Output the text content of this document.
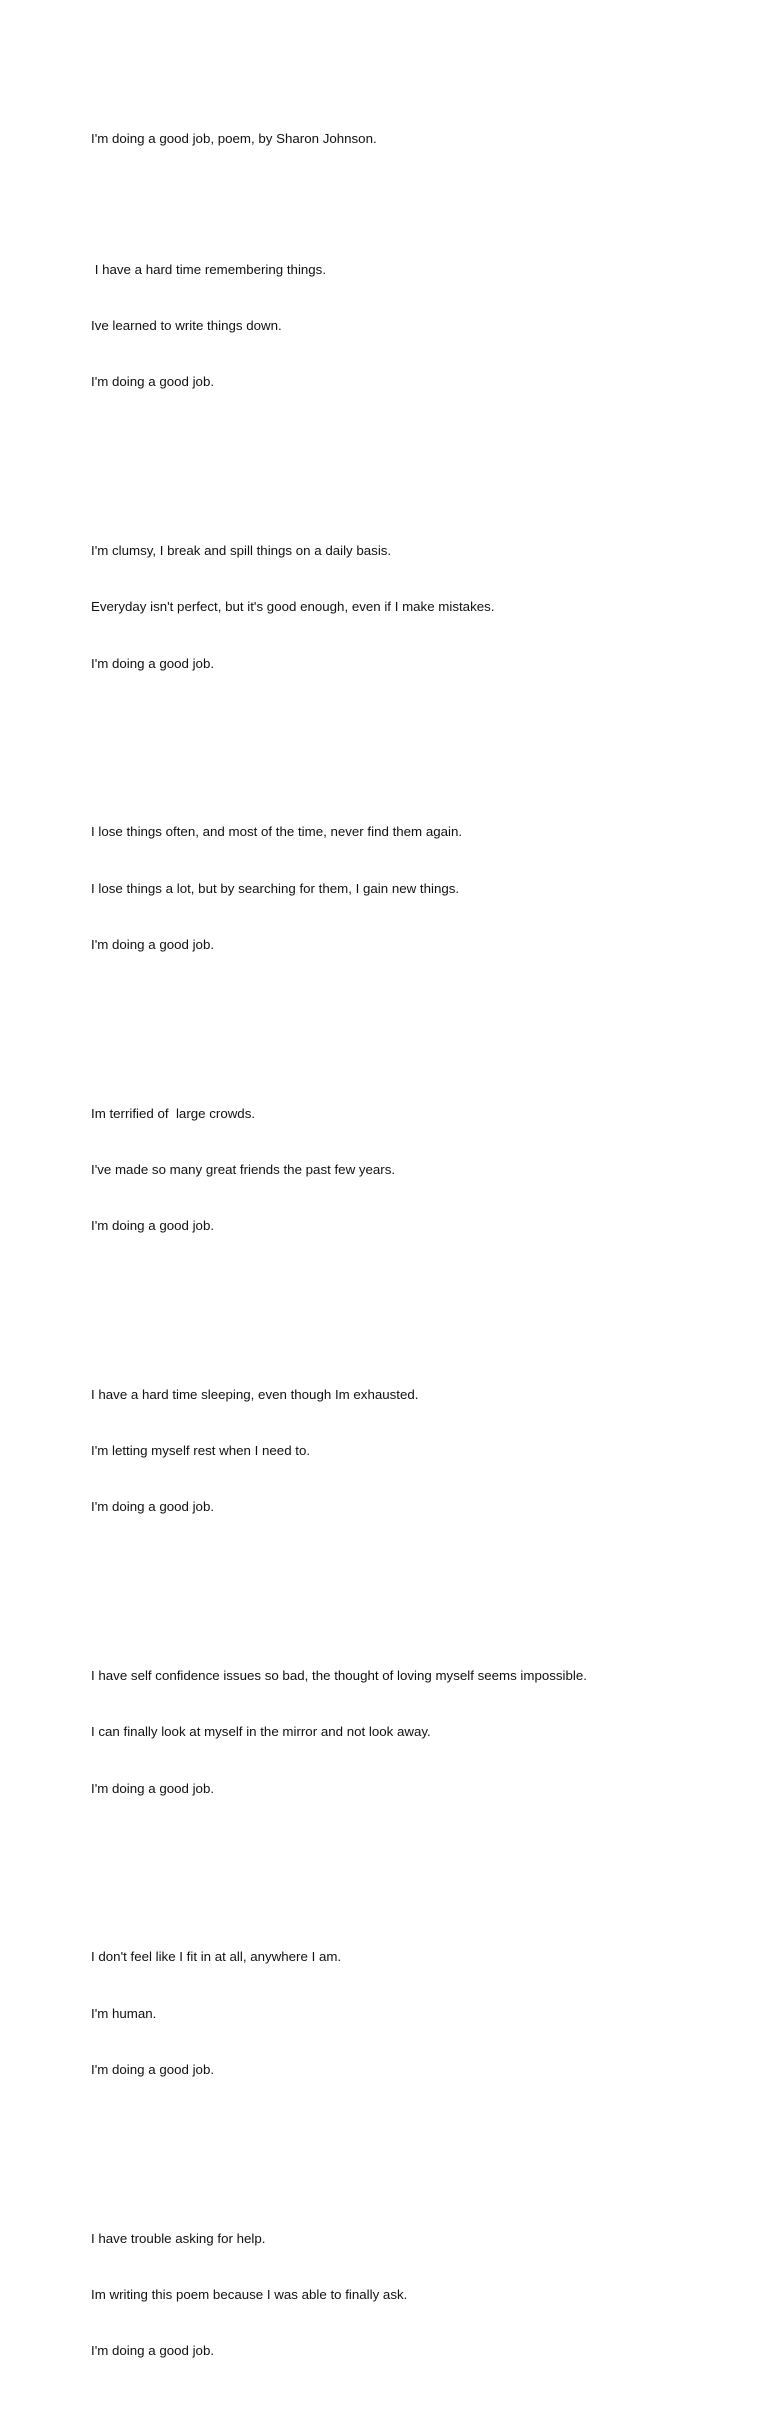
I'm doing a good job, poem, by Sharon Johnson.

I have a hard time remembering things.

Ive learned to write things down.

I'm doing a good job.

I'm clumsy, I break and spill things on a daily basis.

Everyday isn't perfect, but it's good enough, even if I make mistakes.

I'm doing a good job.

I lose things often, and most of the time, never find them again.

I lose things a lot, but by searching for them, I gain new things.

I'm doing a good job.

Im terrified of  large crowds.

I've made so many great friends the past few years.

I'm doing a good job.

I have a hard time sleeping, even though Im exhausted.

I'm letting myself rest when I need to.

I'm doing a good job.

I have self confidence issues so bad, the thought of loving myself seems impossible.

I can finally look at myself in the mirror and not look away.

I'm doing a good job.

I don't feel like I fit in at all, anywhere I am.

I'm human.

I'm doing a good job.

I have trouble asking for help.

Im writing this poem because I was able to finally ask.

I'm doing a good job.
